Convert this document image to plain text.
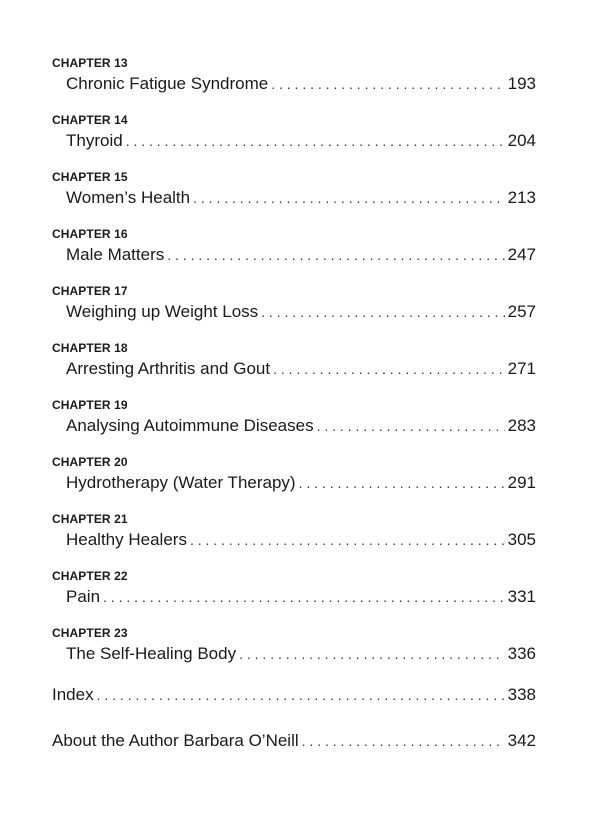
CHAPTER 13
Chronic Fatigue Syndrome . . .	193
CHAPTER 14
Thyroid . . .	204
CHAPTER 15
Women’s Health . . .	213
CHAPTER 16
Male Matters . . .	247
CHAPTER 17
Weighing up Weight Loss . . .	257
CHAPTER 18
Arresting Arthritis and Gout . . .	271
CHAPTER 19
Analysing Autoimmune Diseases . . .	283
CHAPTER 20
Hydrotherapy (Water Therapy) . . .	291
CHAPTER 21
Healthy Healers . . .	305
CHAPTER 22
Pain . . .	331
CHAPTER 23
The Self-Healing Body . . .	336
Index . . .	338
About the Author Barbara O’Neill . . .	342
